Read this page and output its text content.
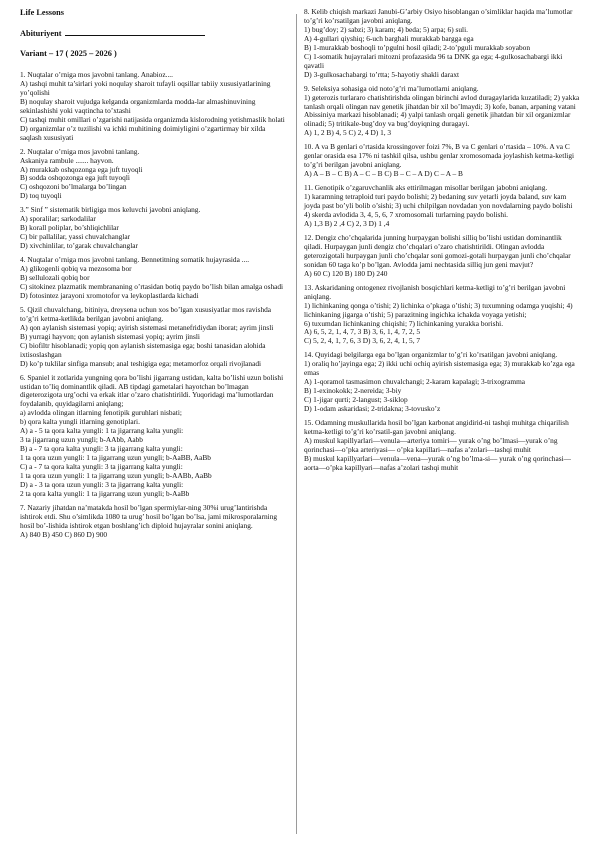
Life Lessons
Abituriyent
Variant – 17 ( 2025 – 2026 )
1. Nuqtalar o’rniga mos javobni tanlang. Anabioz....
A) tashqi muhit ta’sirlari yoki noqulay sharoit tufayli oqsillar tabiiy xususiyatlarining yo’qolishi
B) noqulay sharoit vujudga kelganda organizmlarda modda-lar almashinuvining sekinlashishi yoki vaqtincha to’xtashi
C) tashqi muhit omillari o’zgarishi natijasida organizmda kislorodning yetishmaslik holati
D) organizmlar o’z tuzilishi va ichki muhitining doimiyligini o’zgartirmay bir xilda saqlash xususiyati
2. Nuqtalar o’rniga mos javobni tanlang.
Askaniya rambule ....... hayvon.
A) murakkab oshqozonga ega juft tuyoqli
B) sodda oshqozonga ega juft tuyoqli
C) oshqozoni bo’lmalarga bo’lingan
D) toq tuyoqli
3.” Sinf ” sistematik birligiga mos keluvchi javobni aniqlang.
A) sporalilar; sarkodalilar
B) korall poliplar, bo’shliqichlilar
C) bir pallalilar, yassi chuvalchanglar
D) xivchinlilar, to’garak chuvalchanglar
4. Nuqtalar o’rniga mos javobni tanlang. Bennetitning somatik hujayrasida ....
A) glikogenli qobiq va mezosoma bor
B) sellulozali qobiq bor
C) sitokinez plazmatik membrananing o’rtasidan botiq paydo bo’lish bilan amalga oshadi
D) fotosintez jarayoni xromotofor va leykoplastlarda kichadi
5. Qizil chuvalchang, bitiniya, dreysena uchun xos bo’lgan xususiyatlar mos ravishda to’g’ri ketma-ketlikda berilgan javobni aniqlang.
A) qon aylanish sistemasi yopiq; ayirish sistemasi metanefridiydan iborat; ayrim jinsli
B) yurragi hayvon; qon aylanish sistemasi yopiq; ayrim jinsli
C) biofiltr hisoblanadi; yopiq qon aylanish sistemasiga ega; boshi tanasidan alohida ixtisoslashgan
D) ko’p tuklilar sinfiga mansub; anal teshigiga ega; metamorfoz orqali rivojlanadi
6. Spaniel it zotlarida yungning qora bo’lishi jigarrang ustidan, kalta bo’lishi uzun bolishi ustidan to’liq dominantlik qiladi. AB tipdagi gametalari hayotchan bo’lmagan digeterozigota urg’ochi va erkak itlar o’zaro chatishtirildi. Yuqoridagi ma’lumotlardan foydalanib, quyidagilarni aniqlang;
a) avlodda olingan itlarning fenotipik guruhlari nisbati;
b) qora kalta yungli itlarning genotiplari.
A) a - 5 ta qora kalta yungli: 1 ta jigarrang kalta yungli:
3 ta jigarrang uzun yungli; b-AAbb, Aabb
B) a - 7 ta qora kalta yungli: 3 ta jigarrang kalta yungli:
1 ta qora uzun yungli: 1 ta jigarrang uzun yungli; b-AaBB, AaBb
C) a - 7 ta qora kalta yungli: 3 ta jigarrang kalta yungli:
1 ta qora uzun yungli: 1 ta jigarrang uzun yungli; b-AABb, AaBb
D) a - 3 ta qora uzun yungli: 3 ta jigarrang kalta yungli:
2 ta qora kalta yungli: 1 ta jigarrang uzun yungli; b-AaBb
7. Nazariy jihatdan na’matakda hosil bo’lgan spermiylar-ning 30%i urug’lantirishda ishtirok etdi. Shu o’simlikda 1080 ta urug’ hosil bo’lgan bo’lsa, jami mikrosporalarning hosil bo’-lishida ishtirok etgan boshlang’ich diploid hujayralar sonini aniqlang.
A) 840 B) 450 C) 860 D) 900
8. Kelib chiqish markazi Janubi-G’arbiy Osiyo hisoblangan o’simliklar haqida ma’lumotlar to’g’ri ko’rsatilgan javobni aniqlang.
1) bug’doy; 2) sabzi; 3) karam; 4) beda; 5) arpa; 6) suli.
A) 4-gullari qiyshiq; 6-uch barghali murakkab bargga ega
B) 1-murakkab boshoqli to’pgulni hosil qiladi; 2-to’pguli murakkab soyabon
C) 1-somatik hujayralari mitozni profazasida 96 ta DNK ga ega; 4-gulkosachabargi ikki qavatli
D) 3-gulkosachabargi to’rtta; 5-hayotiy shakli daraxt
9. Seleksiya sohasiga oid noto’g’ri ma’lumotlarni aniqlang.
1) geterozis turlararo chatishtirishda olingan birinchi avlod duragaylarida kuzatiladi; 2) yakka tanlash orqali olingan nav genetik jihatdan bir xil bo’lmaydi; 3) kofe, banan, arpaning vatani Abissiniya markazi hisoblanadi; 4) yalpi tanlash orqali genetik jihatdan bir xil organizmlar olinadi; 5) tritikale-bug’doy va bug’doyiqning duragayi.
A) 1, 2 B) 4, 5 C) 2, 4 D) 1, 3
10. A va B genlari o’rtasida krossingover foizi 7%, B va C genlari o’rtasida – 10%. A va C genlar orasida esa 17% ni tashkil qilsa, ushbu genlar xromosomada joylashish ketma-ketligi to’g’ri berilgan javobni aniqlang.
A) A – B – C B) A – C – B C) B – C – A D) C – A – B
11. Genotipik o’zgaruvchanlik aks ettirilmagan misollar berilgan jabobni aniqlang.
1) karamning tetraploid turi paydo bolishi; 2) bedaning suv yetarli joyda baland, suv kam joyda past bo’yli bolib o’sishi; 3) uchi chilpilgan novdadan yon novdalarning paydo bolishi 4) skerda avlodida 3, 4, 5, 6, 7 xromosomali turlarning paydo bolishi.
A) 1,3 B) 2 ,4 C) 2, 3 D) 1 ,4
12. Dengiz cho’chqalarida junning hurpaygan bolishi silliq bo’lishi ustidan dominantlik qiladi. Hurpaygan junli dengiz cho’chqalari o’zaro chatishtirildi. Olingan avlodda geterozigotali hurpaygan junli cho’chqalar soni gomozi-gotali hurpaygan junli cho’chqalar sonidan 60 taga ko’p bo’lgan. Avlodda jami nechtasida silliq jun geni mavjut?
A) 60 C) 120 B) 180 D) 240
13. Askaridaning ontogenez rivojlanish bosqichlari ketma-ketligi to’g’ri berilgan javobni aniqlang.
1) lichinkaning qonga o’tishi; 2) lichinka o’pkaga o’tishi; 3) tuxumning odamga yuqishi; 4) lichinkaning jigarga o’tishi; 5) parazitning ingichka ichakda voyaga yetishi;
6) tuxumdan lichinkaning chiqishi; 7) lichinkaning yurakka borishi.
A) 6, 5, 2, 1, 4, 7, 3 B) 3, 6, 1, 4, 7, 2, 5
C) 5, 2, 4, 1, 7, 6, 3 D) 3, 6, 2, 4, 1, 5, 7
14. Quyidagi belgilarga ega bo’lgan organizmlar to’g’ri ko’rsatilgan javobni aniqlang.
1) oraliq ho’jayinga ega; 2) ikki uchi ochiq ayirish sistemasiga ega; 3) murakkab ko’zga ega emas
A) 1-qoramol tasmasimon chuvalchangi; 2-karam kapalagi; 3-trixogramma
B) 1-exinokokk; 2-nereida; 3-biy
C) 1-jigar qurti; 2-langust; 3-siklop
D) 1-odam askaridasi; 2-tridakna; 3-tovusko’z
15. Odamning muskullarida hosil bo’lgan karbonat angidirid-ni tashqi muhitga chiqarilish ketma-ketligi to’g’ri ko’rsatil-gan javobni aniqlang.
A) muskul kapillyarlari—venula—arteriya tomiri— yurak o’ng bo’lmasi—yurak o’ng qorinchasi—o’pka arteriyasi— o’pka kapillari—nafas a’zolari—tashqi muhit
B) muskul kapillyarlari—venula—vena—yurak o’ng bo’lma-si— yurak o’ng qorinchasi—aorta—o’pka kapillyari—nafas a’zolari tashqi muhit
